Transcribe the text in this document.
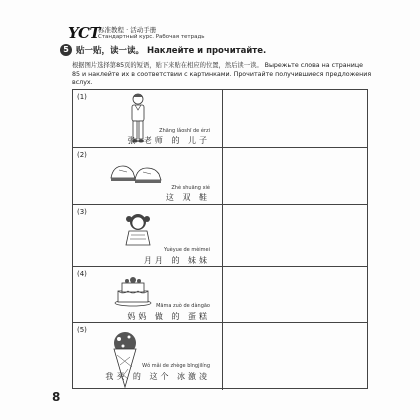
YCT
标准教程 · 活动手册
Стандартный курс. Рабочая тетрадь
5 贴一贴，读一读。 Наклейте и прочитайте.
根据图片选择第85页的短语，贴下来贴在相应的位置，然后读一读。 Вырежьте слова на странице 85 и наклейте их в соответствии с картинками. Прочитайте получившиеся предложения вслух.
(1)
Zhāng lǎoshī de érzi
张 老师 的 儿子
(2)
Zhè shuāng xié
这 双 鞋
(3)
Yuèyue de mèimei
月月 的 妹妹
(4)
Māma zuò de dàngāo
妈妈 做 的 蛋糕
(5)
Wǒ mǎi de zhège bīngjilíng
我买 的 这个 冰激凌
8
